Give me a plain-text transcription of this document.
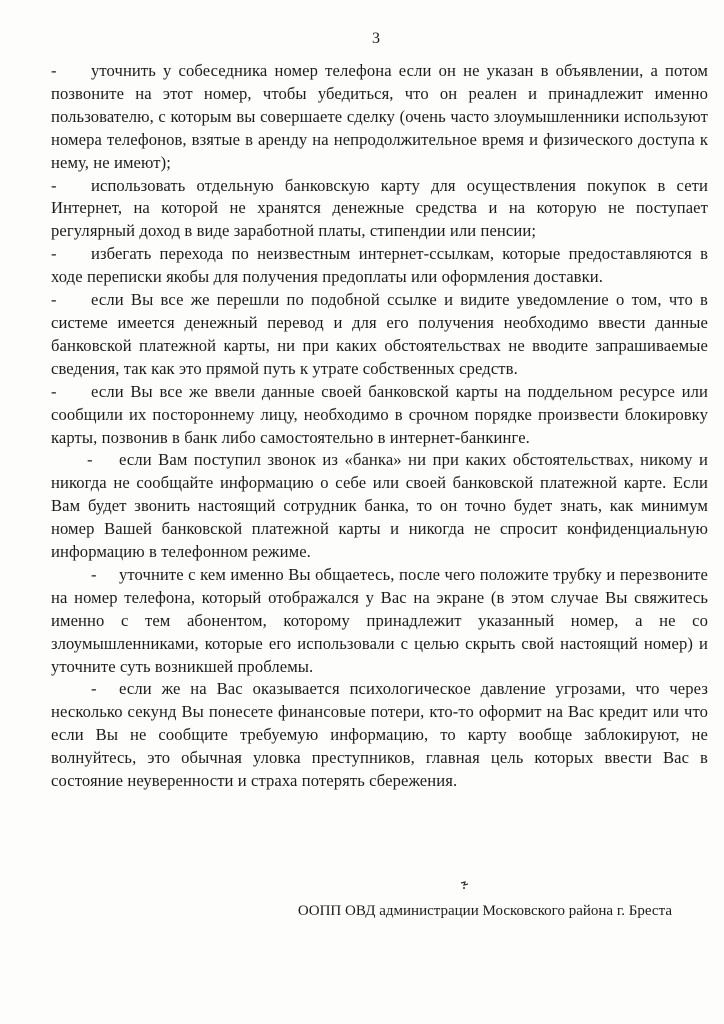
3

- уточнить у собеседника номер телефона если он не указан в объявлении, а потом позвоните на этот номер, чтобы убедиться, что он реален и принадлежит именно пользователю, с которым вы совершаете сделку (очень часто злоумышленники используют номера телефонов, взятые в аренду на непродолжительное время и физического доступа к нему, не имеют);

- использовать отдельную банковскую карту для осуществления покупок в сети Интернет, на которой не хранятся денежные средства и на которую не поступает регулярный доход в виде заработной платы, стипендии или пенсии;

- избегать перехода по неизвестным интернет-ссылкам, которые предоставляются в ходе переписки якобы для получения предоплаты или оформления доставки.

- если Вы все же перешли по подобной ссылке и видите уведомление о том, что в системе имеется денежный перевод и для его получения необходимо ввести данные банковской платежной карты, ни при каких обстоятельствах не вводите запрашиваемые сведения, так как это прямой путь к утрате собственных средств.

- если Вы все же ввели данные своей банковской карты на поддельном ресурсе или сообщили их постороннему лицу, необходимо в срочном порядке произвести блокировку карты, позвонив в банк либо самостоятельно в интернет-банкинге.

- если Вам поступил звонок из «банка» ни при каких обстоятельствах, никому и никогда не сообщайте информацию о себе или своей банковской платежной карте. Если Вам будет звонить настоящий сотрудник банка, то он точно будет знать, как минимум номер Вашей банковской платежной карты и никогда не спросит конфиденциальную информацию в телефонном режиме.

- уточните с кем именно Вы общаетесь, после чего положите трубку и перезвоните на номер телефона, который отображался у Вас на экране (в этом случае Вы свяжитесь именно с тем абонентом, которому принадлежит указанный номер, а не со злоумышленниками, которые его использовали с целью скрыть свой настоящий номер) и уточните суть возникшей проблемы.

- если же на Вас оказывается психологическое давление угрозами, что через несколько секунд Вы понесете финансовые потери, кто-то оформит на Вас кредит или что если Вы не сообщите требуемую информацию, то карту вообще заблокируют, не волнуйтесь, это обычная уловка преступников, главная цель которых ввести Вас в состояние неуверенности и страха потерять сбережения.

ООПП ОВД администрации Московского района г. Бреста
